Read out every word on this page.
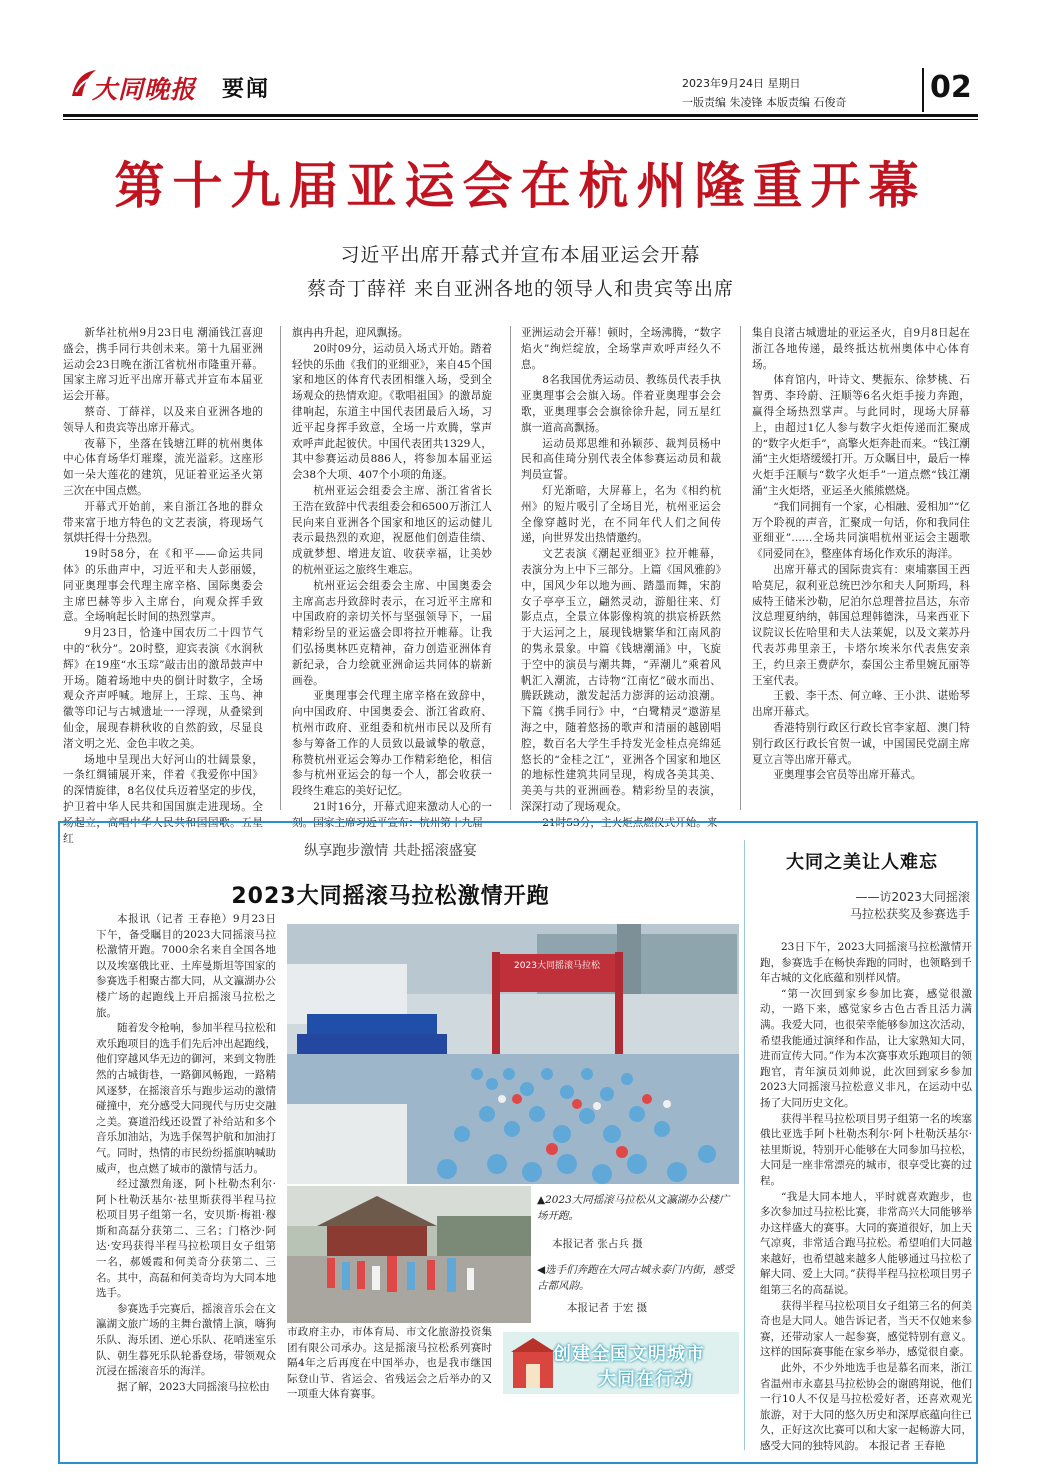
大同晚报 要闻	2023年9月24日 星期日
一版责编 朱凌锋 本版责编 石俊奇	02
第十九届亚运会在杭州隆重开幕
习近平出席开幕式并宣布本届亚运会开幕
蔡奇丁薛祥 来自亚洲各地的领导人和贵宾等出席

新华社杭州9月23日电 潮涌钱江喜迎盛会，携手同行共创未来。第十九届亚洲运动会23日晚在浙江省杭州市隆重开幕。国家主席习近平出席开幕式并宣布本届亚运会开幕。

蔡奇、丁薛祥，以及来自亚洲各地的领导人和贵宾等出席开幕式。

夜幕下，坐落在钱塘江畔的杭州奥体中心体育场华灯璀璨，流光溢彩。这座形如一朵大莲花的建筑，见证着亚运圣火第三次在中国点燃。

开幕式开始前，来自浙江各地的群众带来富于地方特色的文艺表演，将现场气氛烘托得十分热烈。

19时58分，在《和平——命运共同体》的乐曲声中，习近平和夫人彭丽媛，同亚奥理事会代理主席辛格、国际奥委会主席巴赫等步入主席台，向观众挥手致意。全场响起长时间的热烈掌声。

9月23日，恰逢中国农历二十四节气中的“秋分”。20时整，迎宾表演《水润秋辉》在19座“水玉琮”敲击出的激昂鼓声中开场。随着场地中央的倒计时数字，全场观众齐声呼喊。地屏上，王琮、玉鸟、神徽等印记与古城遗址一一浮现，从叠梁到仙金，展现春耕秋收的自然韵致，尽显良渚文明之光、金色丰收之美。

场地中呈现出大好河山的壮阔景象，一条红绸铺展开来，伴着《我爱你中国》的深情旋律，8名仪仗兵迈着坚定的步伐，护卫着中华人民共和国国旗走进现场。全场起立，高唱中华人民共和国国歌。五星红

旗冉冉升起，迎风飘扬。

20时09分，运动员入场式开始。踏着轻快的乐曲《我们的亚细亚》，来自45个国家和地区的体育代表团相继入场，受到全场观众的热情欢迎。《歌唱祖国》的激昂旋律响起，东道主中国代表团最后入场，习近平起身挥手致意，全场一片欢腾，掌声欢呼声此起彼伏。中国代表团共1329人，其中参赛运动员886人，将参加本届亚运会38个大项、407个小项的角逐。

杭州亚运会组委会主席、浙江省省长王浩在致辞中代表组委会和6500万浙江人民向来自亚洲各个国家和地区的运动健儿表示最热烈的欢迎，祝愿他们创造佳绩、成就梦想、增进友谊、收获幸福，让美妙的杭州亚运之旅终生难忘。

杭州亚运会组委会主席、中国奥委会主席高志丹致辞时表示，在习近平主席和中国政府的亲切关怀与坚强领导下，一届精彩纷呈的亚运盛会即将拉开帷幕。让我们弘扬奥林匹克精神，奋力创造亚洲体育新纪录，合力绘就亚洲命运共同体的崭新画卷。

亚奥理事会代理主席辛格在致辞中，向中国政府、中国奥委会、浙江省政府、杭州市政府、亚组委和杭州市民以及所有参与筹备工作的人员致以最诚挚的敬意，称赞杭州亚运会筹办工作精彩绝伦，相信参与杭州亚运会的每一个人，都会收获一段终生难忘的美好记忆。

21时16分，开幕式迎来激动人心的一刻。国家主席习近平宣布：杭州第十九届

亚洲运动会开幕！顿时，全场沸腾，“数字焰火”绚烂绽放，全场掌声欢呼声经久不息。

8名我国优秀运动员、教练员代表手执亚奥理事会会旗入场。伴着亚奥理事会会歌，亚奥理事会会旗徐徐升起，同五星红旗一道高高飘扬。

运动员郑思维和孙颖莎、裁判员杨中民和高佳琦分别代表全体参赛运动员和裁判员宣誓。

灯光渐暗，大屏幕上，名为《相约杭州》的短片吸引了全场目光，杭州亚运会全像穿越时光，在不同年代人们之间传递，向世界发出热情邀约。

文艺表演《潮起亚细亚》拉开帷幕，表演分为上中下三部分。上篇《国风雅韵》中，国风少年以地为画、踏墨而舞，宋韵女子亭亭玉立，翩然灵动，游船往来、灯影点点，全景立体影像构筑的拱宸桥跃然于大运河之上，展现钱塘繁华和江南风韵的隽永景象。中篇《钱塘潮涌》中，飞旋于空中的演员与潮共舞，“弄潮儿”乘着风帆汇入潮流，古诗物“江南忆”破水而出、腾跃跳动，激发起活力澎湃的运动浪潮。下篇《携手同行》中，“白鹭精灵”遨游星海之中，随着悠扬的歌声和清丽的越剧唱腔，数百名大学生手持发光金桂点亮绵延悠长的“金桂之江”，亚洲各个国家和地区的地标性建筑共同呈现，构成各美其美、美美与共的亚洲画卷。精彩纷呈的表演，深深打动了现场观众。

21时53分，主火炬点燃仪式开始。来

集自良渚古城遗址的亚运圣火，自9月8日起在浙江各地传递，最终抵达杭州奥体中心体育场。

体育馆内，叶诗文、樊振东、徐梦桃、石智勇、李玲蔚、汪顺等6名火炬手接力奔跑，赢得全场热烈掌声。与此同时，现场大屏幕上，由超过1亿人参与数字火炬传递而汇聚成的“数字火炬手”，高擎火炬奔赴而来。“钱江潮涌”主火炬塔缓缓打开。万众瞩目中，最后一棒火炬手汪顺与“数字火炬手”一道点燃“钱江潮涌”主火炬塔，亚运圣火熊熊燃烧。

“我们同拥有一个家，心相融、爱相加”“亿万个聆视的声音，汇聚成一句话，你和我同住亚细亚”……全场共同演唱杭州亚运会主题歌《同爱同在》，整座体育场化作欢乐的海洋。

出席开幕式的国际贵宾有：柬埔寨国王西哈莫尼，叙利亚总统巴沙尔和夫人阿斯玛，科威特王储米沙勒，尼泊尔总理普拉昌达，东帝汶总理夏纳纳，韩国总理韩德洙，马来西亚下议院议长佐哈里和夫人法莱妮，以及文莱苏丹代表苏弗里亲王，卡塔尔埃米尔代表焦安亲王，约旦亲王费萨尔，泰国公主希里婉瓦丽等王室代表。

王毅、李干杰、何立峰、王小洪、谌贻琴出席开幕式。

香港特别行政区行政长官李家超、澳门特别行政区行政长官贺一诚，中国国民党副主席夏立言等出席开幕式。

亚奥理事会官员等出席开幕式。

纵享跑步激情 共赴摇滚盛宴
2023大同摇滚马拉松激情开跑

本报讯（记者 王春艳）9月23日下午，备受瞩目的2023大同摇滚马拉松激情开跑。7000余名来自全国各地以及埃塞俄比亚、土库曼斯坦等国家的参赛选手相聚古都大同，从文瀛湖办公楼广场的起跑线上开启摇滚马拉松之旅。

随着发令枪响，参加半程马拉松和欢乐跑项目的选手们先后冲出起跑线，他们穿越风华无边的御河，来到文物胜然的古城街巷，一路御风畅跑，一路精风逐梦，在摇滚音乐与跑步运动的激情碰撞中，充分感受大同现代与历史交融之美。赛道沿线还设置了补给站和多个音乐加油站，为选手保驾护航和加油打气。同时，热情的市民纷纷摇旗呐喊助威声，也点燃了城市的激情与活力。

经过激烈角逐，阿卜杜勒杰利尔·阿卜杜勒沃基尔·祛里斯获得半程马拉松项目男子组第一名，安贝斯·梅祖·穆斯和高磊分获第二、三名；门格沙·阿达·安玛获得半程马拉松项目女子组第一名，郝媛霞和何美奇分获第二、三名。其中，高磊和何美奇均为大同本地选手。

参赛选手完赛后，摇滚音乐会在文瀛湖文旅广场的主舞台激情上演，嗨狗乐队、海乐团、逆心乐队、花哨迷室乐队、朝生暮死乐队轮番登场，带领观众沉浸在摇滚音乐的海洋。

据了解，2023大同摇滚马拉松由

2023大同摇滚马拉松
▲2023大同摇滚马拉松从文瀛湖办公楼广场开跑。
本报记者 张占兵 摄
◀选手们奔跑在大同古城永泰门内街，感受古都风韵。
本报记者 于宏 摄

市政府主办，市体育局、市文化旅游投资集团有限公司承办。这是摇滚马拉松系列赛时隔4年之后再度在中国举办，也是我市继国际登山节、省运会、省残运会之后举办的又一项重大体育赛事。

创建全国文明城市
大同在行动
大同之美让人难忘
——访2023大同摇滚
马拉松获奖及参赛选手

23日下午，2023大同摇滚马拉松激情开跑，参赛选手在畅快奔跑的同时，也领略到千年古城的文化底蕴和别样风情。

“第一次回到家乡参加比赛，感觉很激动，一路下来，感觉家乡古色古香且活力满满。我爱大同，也很荣幸能够参加这次活动，希望我能通过演绎和作品，让大家熟知大同，进而宣传大同。”作为本次赛事欢乐跑项目的领跑官，青年演员刘帅说，此次回到家乡参加2023大同摇滚马拉松意义非凡，在运动中弘扬了大同历史文化。

获得半程马拉松项目男子组第一名的埃塞俄比亚选手阿卜杜勒杰利尔·阿卜杜勒沃基尔·祛里斯说，特别开心能够在大同参加马拉松，大同是一座非常漂亮的城市，很享受比赛的过程。

“我是大同本地人，平时就喜欢跑步，也多次参加过马拉松比赛，非常高兴大同能够举办这样盛大的赛事。大同的赛道很好，加上天气凉爽，非常适合跑马拉松。希望咱们大同越来越好，也希望越来越多人能够通过马拉松了解大同、爱上大同。”获得半程马拉松项目男子组第三名的高磊说。

获得半程马拉松项目女子组第三名的何美奇也是大同人。她告诉记者，当天不仅她来参赛，还带动家人一起参赛，感觉特别有意义。这样的国际赛事能在家乡举办，感觉很自豪。

此外，不少外地选手也是慕名而来，浙江省温州市永嘉县马拉松协会的谢鸥翔说，他们一行10人不仅是马拉松爱好者，还喜欢观光旅游，对于大同的悠久历史和深厚底蕴向往已久，正好这次比赛可以和大家一起畅游大同，感受大同的独特风韵。 本报记者 王春艳
